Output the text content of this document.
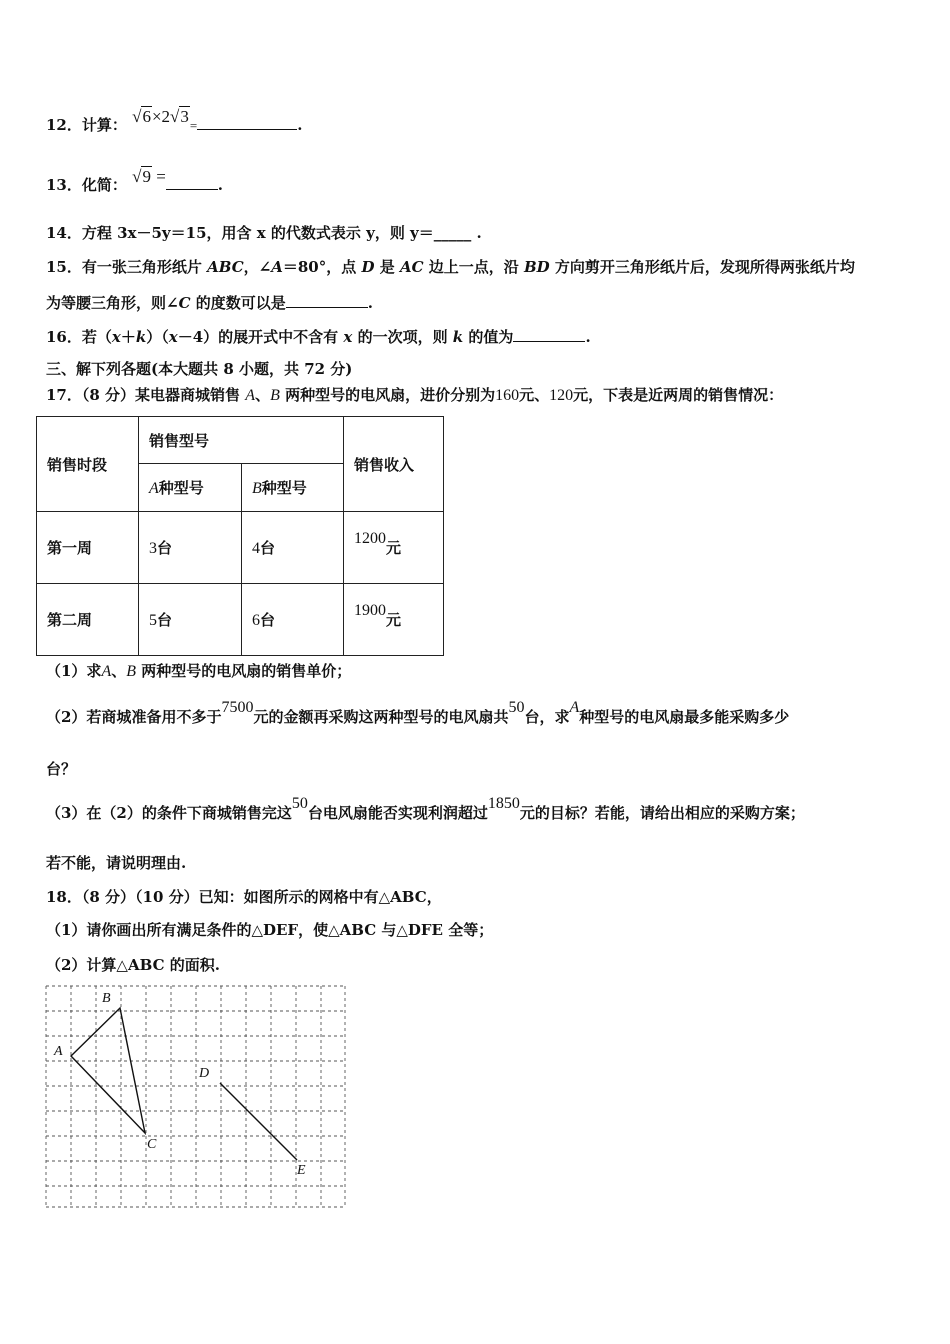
12．计算： √6×2√3=	.
13．化简： √9 =	.
14．方程 3x－5y＝15，用含 x 的代数式表示 y，则 y＝_____ .
15．有一张三角形纸片 ABC，∠A＝80°，点 D 是 AC 边上一点，沿 BD 方向剪开三角形纸片后，发现所得两张纸片均
为等腰三角形，则∠C 的度数可以是	.
16．若（x＋k）（x－4）的展开式中不含有 x 的一次项，则 k 的值为	.
三、解下列各题(本大题共 8 小题，共 72 分)
17．（8 分）某电器商城销售 A、B 两种型号的电风扇，进价分别为160元、120元，下表是近两周的销售情况：
销售时段	销售型号		销售收入
	A种型号	B种型号	
第一周	3台	4台	1200元
第二周	5台	6台	1900元
（1）求A、B 两种型号的电风扇的销售单价；
（2）若商城准备用不多于7500元的金额再采购这两种型号的电风扇共50台，求A种型号的电风扇最多能采购多少
台？
（3）在（2）的条件下商城销售完这50台电风扇能否实现利润超过1850元的目标？若能，请给出相应的采购方案；
若不能，请说明理由.
18．（8 分）（10 分）已知：如图所示的网格中有△ABC，
（1）请你画出所有满足条件的△DEF，使△ABC 与△DFE 全等；
（2）计算△ABC 的面积.
B
A
C
D
E
